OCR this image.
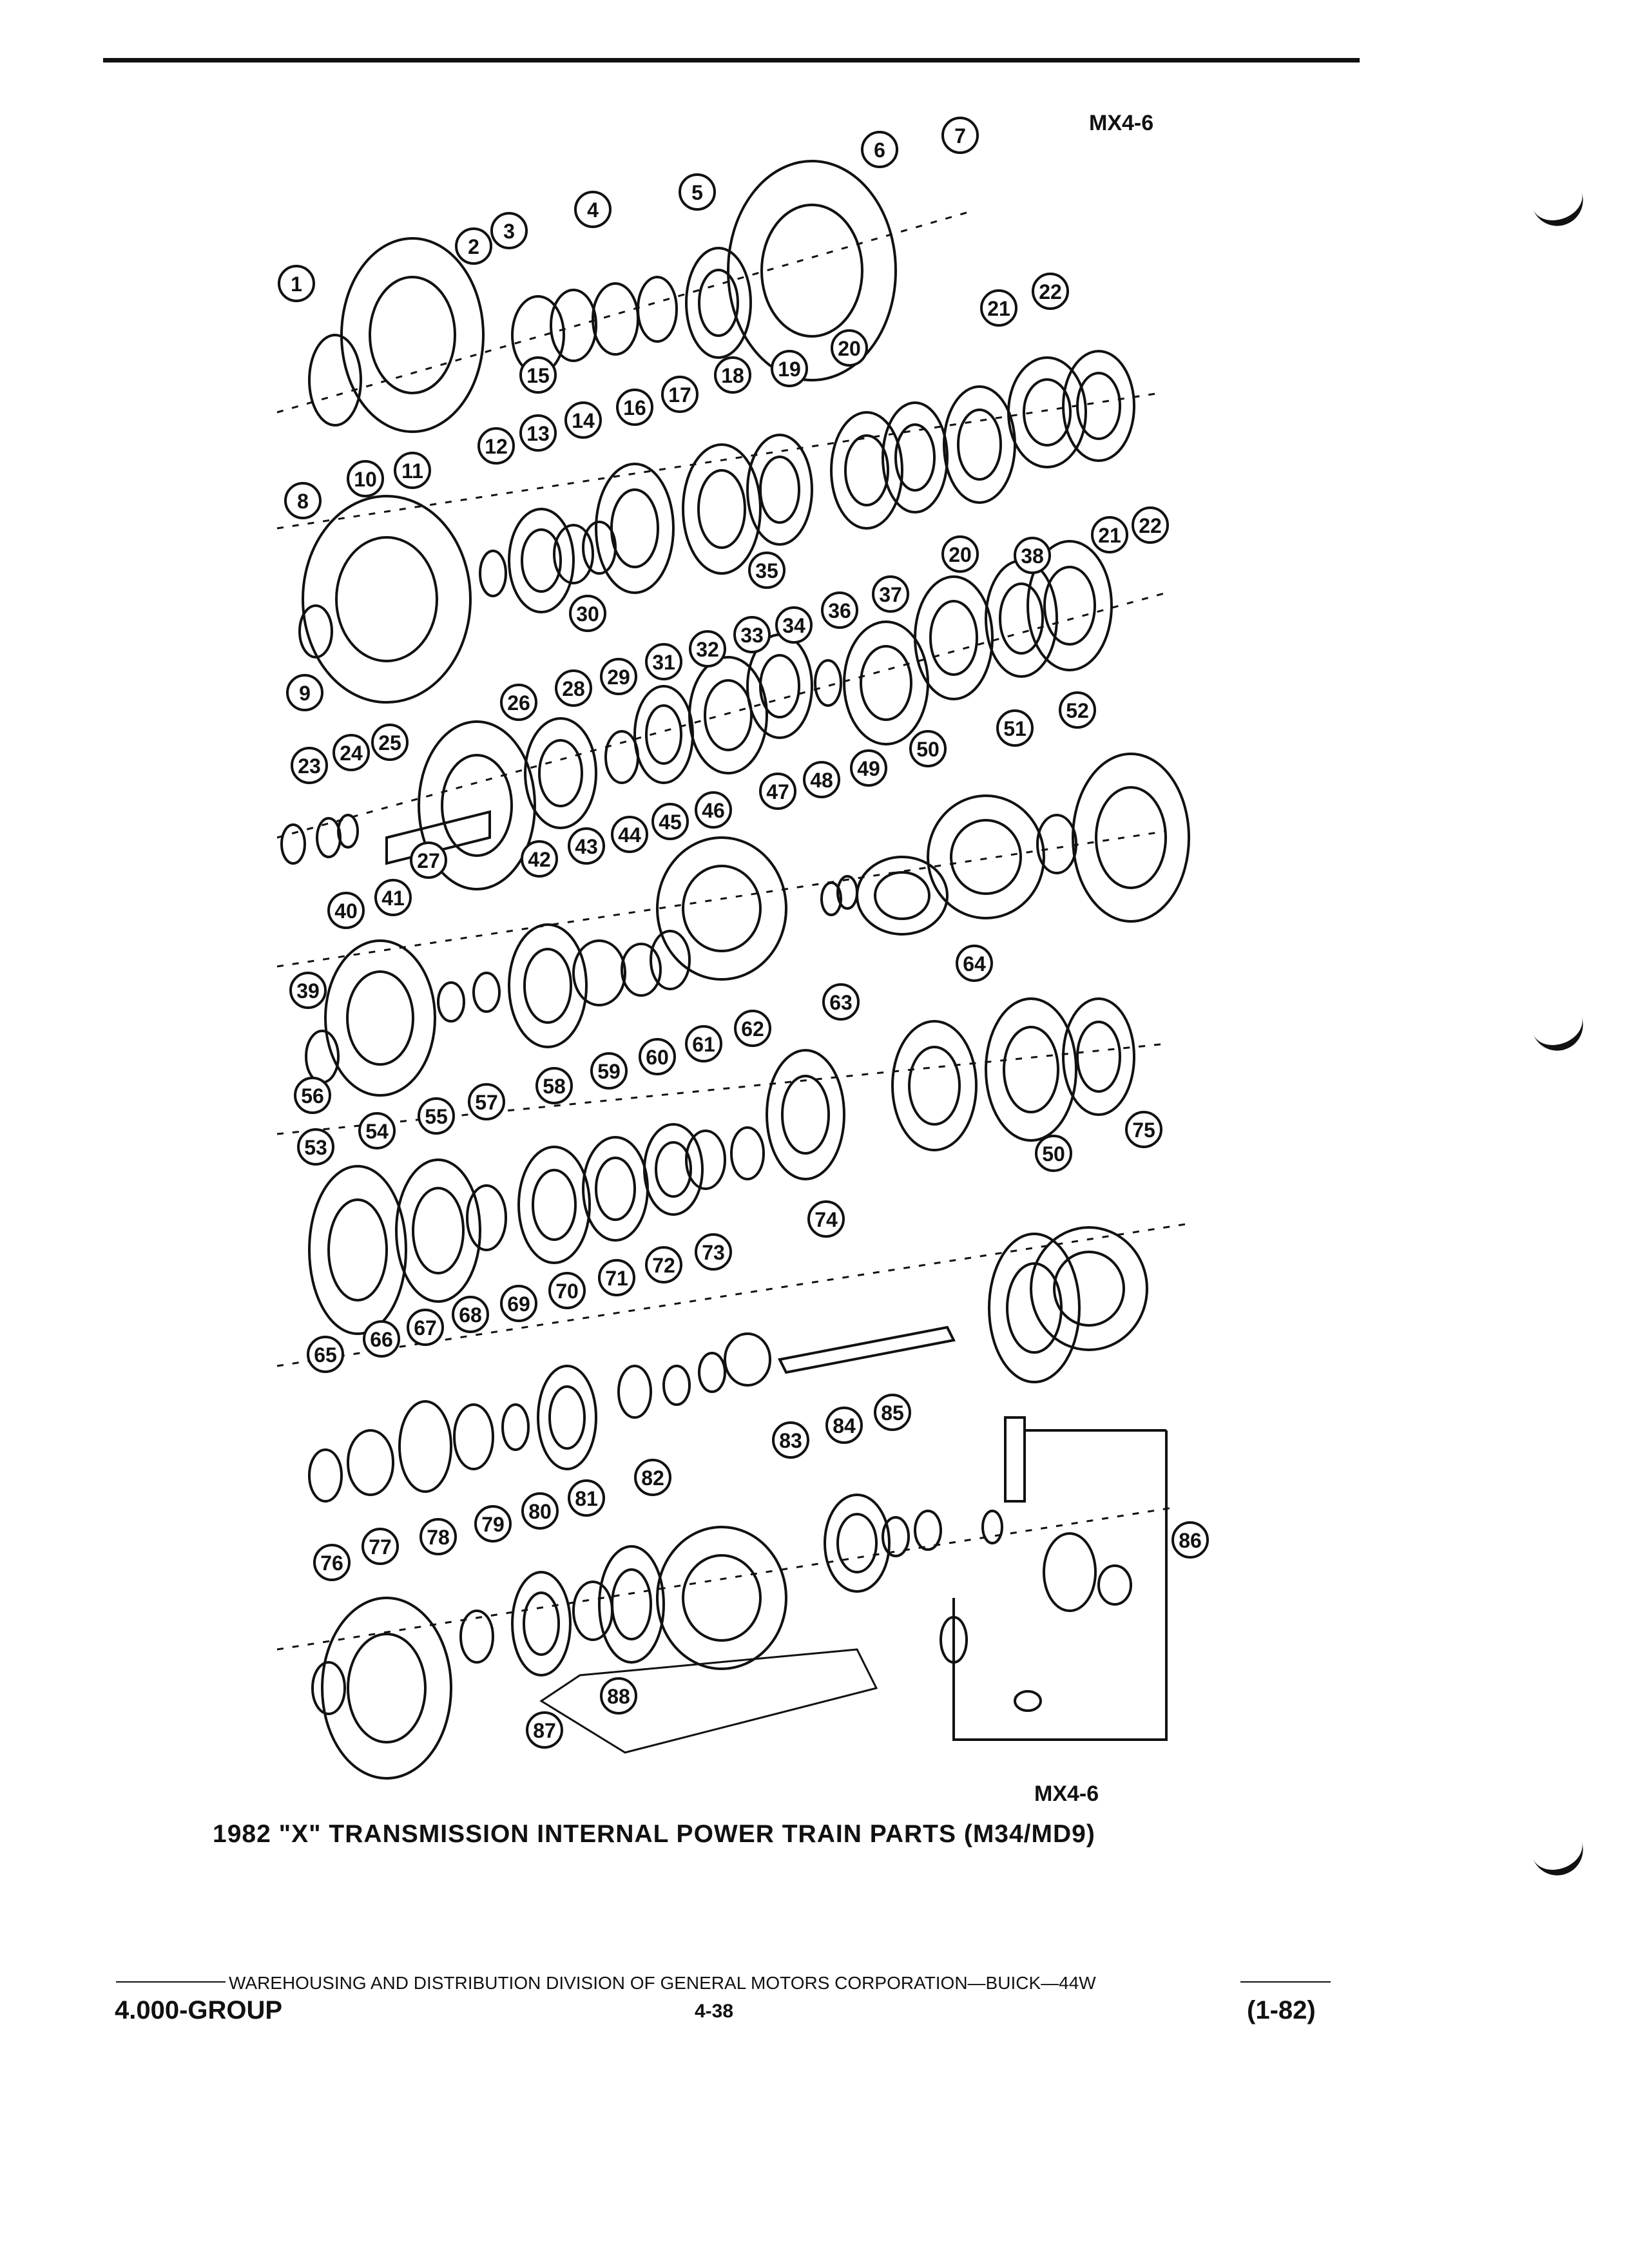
MX4-6
1
2
3
4
5
6
7
8
9
10 11
12
13
14
15
16
17
18 19
20
21
22
23
24 25
26
27
28 29
30
31
32
33 34
35
36
37
38
39
40
41
42
43 44
45 46
47 48 49
50
51
52
53
54
55
56	57
58
59
60
61
62
63
64
65
66 67
68 69
70
71
72
73
74
75
76
77 78
79
80
81
82
83
84
85
86
87
88
20
21 22
50
MX4-6
1982 "X" TRANSMISSION INTERNAL POWER TRAIN PARTS (M34/MD9)
WAREHOUSING AND DISTRIBUTION DIVISION OF GENERAL MOTORS CORPORATION—BUICK—44W
4.000-GROUP	4-38	(1-82)
